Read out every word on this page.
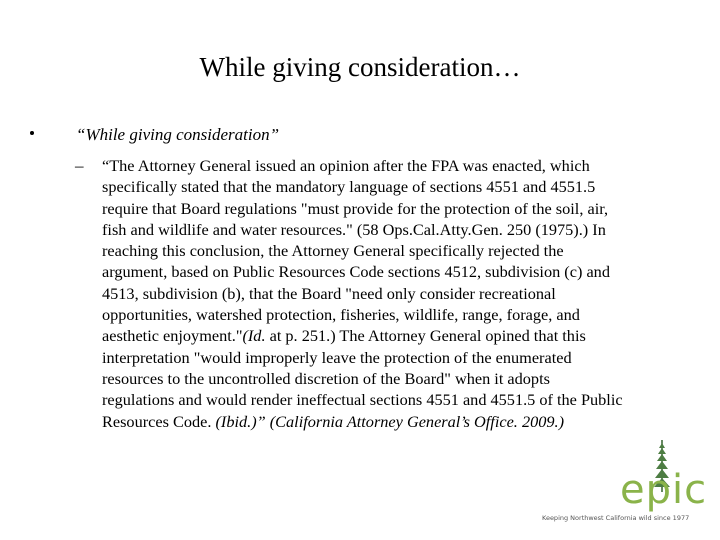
While giving consideration…
“While giving consideration”
– “The Attorney General issued an opinion after the FPA was enacted, which
specifically stated that the mandatory language of sections 4551 and 4551.5
require that Board regulations "must provide for the protection of the soil, air,
fish and wildlife and water resources." (58 Ops.Cal.Atty.Gen. 250 (1975).) In
reaching this conclusion, the Attorney General specifically rejected the
argument, based on Public Resources Code sections 4512, subdivision (c) and
4513, subdivision (b), that the Board "need only consider recreational
opportunities, watershed protection, fisheries, wildlife, range, forage, and
aesthetic enjoyment."(Id. at p. 251.) The Attorney General opined that this
interpretation "would improperly leave the protection of the enumerated
resources to the uncontrolled discretion of the Board" when it adopts
regulations and would render ineffectual sections 4551 and 4551.5 of the Public
Resources Code. (Ibid.)” (California Attorney General’s Office. 2009.)
epic
Keeping Northwest California wild since 1977
